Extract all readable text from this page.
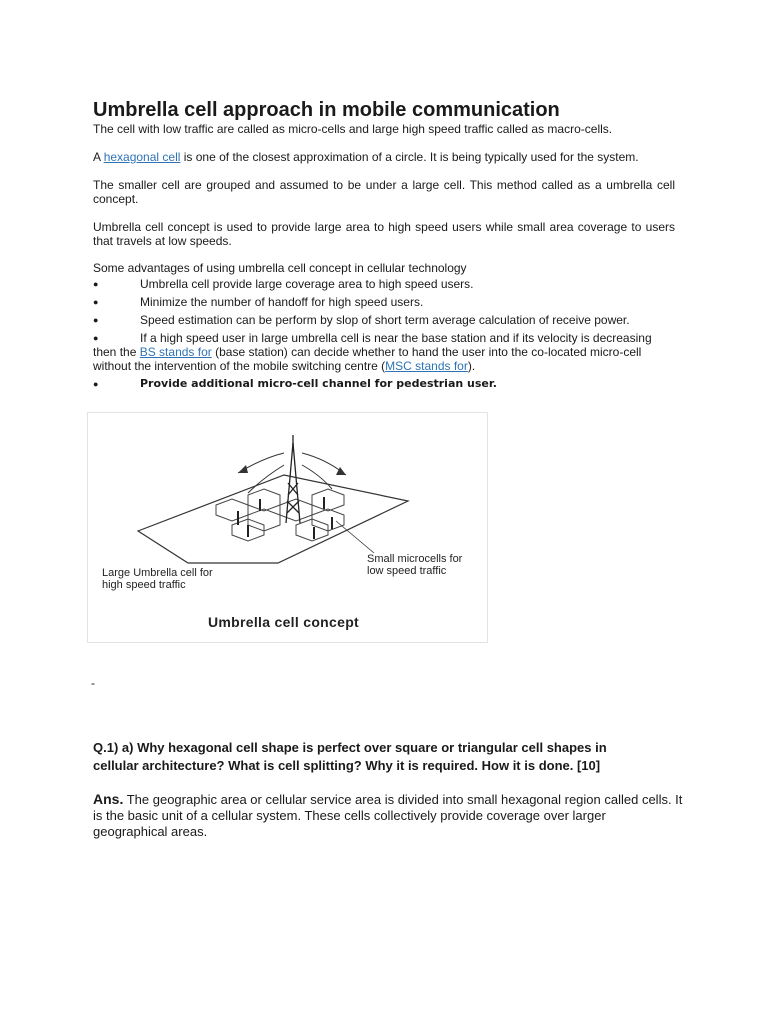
Umbrella cell approach in mobile communication

The cell with low traffic are called as micro-cells and large high speed traffic called as macro-cells.

A hexagonal cell is one of the closest approximation of a circle. It is being typically used for the system.

The smaller cell are grouped and assumed to be under a large cell. This method called as a umbrella cell concept.

Umbrella cell concept is used to provide large area to high speed users while small area coverage to users that travels at low speeds.

Some advantages of using umbrella cell concept in cellular technology

●	Umbrella cell provide large coverage area to high speed users.
●	Minimize the number of handoff for high speed users.
●	Speed estimation can be perform by slop of short term average calculation of receive power.
●	If a high speed user in large umbrella cell is near the base station and if its velocity is decreasing then the BS stands for (base station) can decide whether to hand the user into the co-located micro-cell without the intervention of the mobile switching centre (MSC stands for).
●	Provide additional micro-cell channel for pedestrian user.
Large Umbrella cell for
high speed traffic
Small microcells for
low speed traffic
Umbrella cell concept
-
Q.1) a) Why hexagonal cell shape is perfect over square or triangular cell shapes in cellular architecture? What is cell splitting? Why it is required. How it is done. [10]
Ans. The geographic area or cellular service area is divided into small hexagonal region called cells. It is the basic unit of a cellular system. These cells collectively provide coverage over larger geographical areas.
